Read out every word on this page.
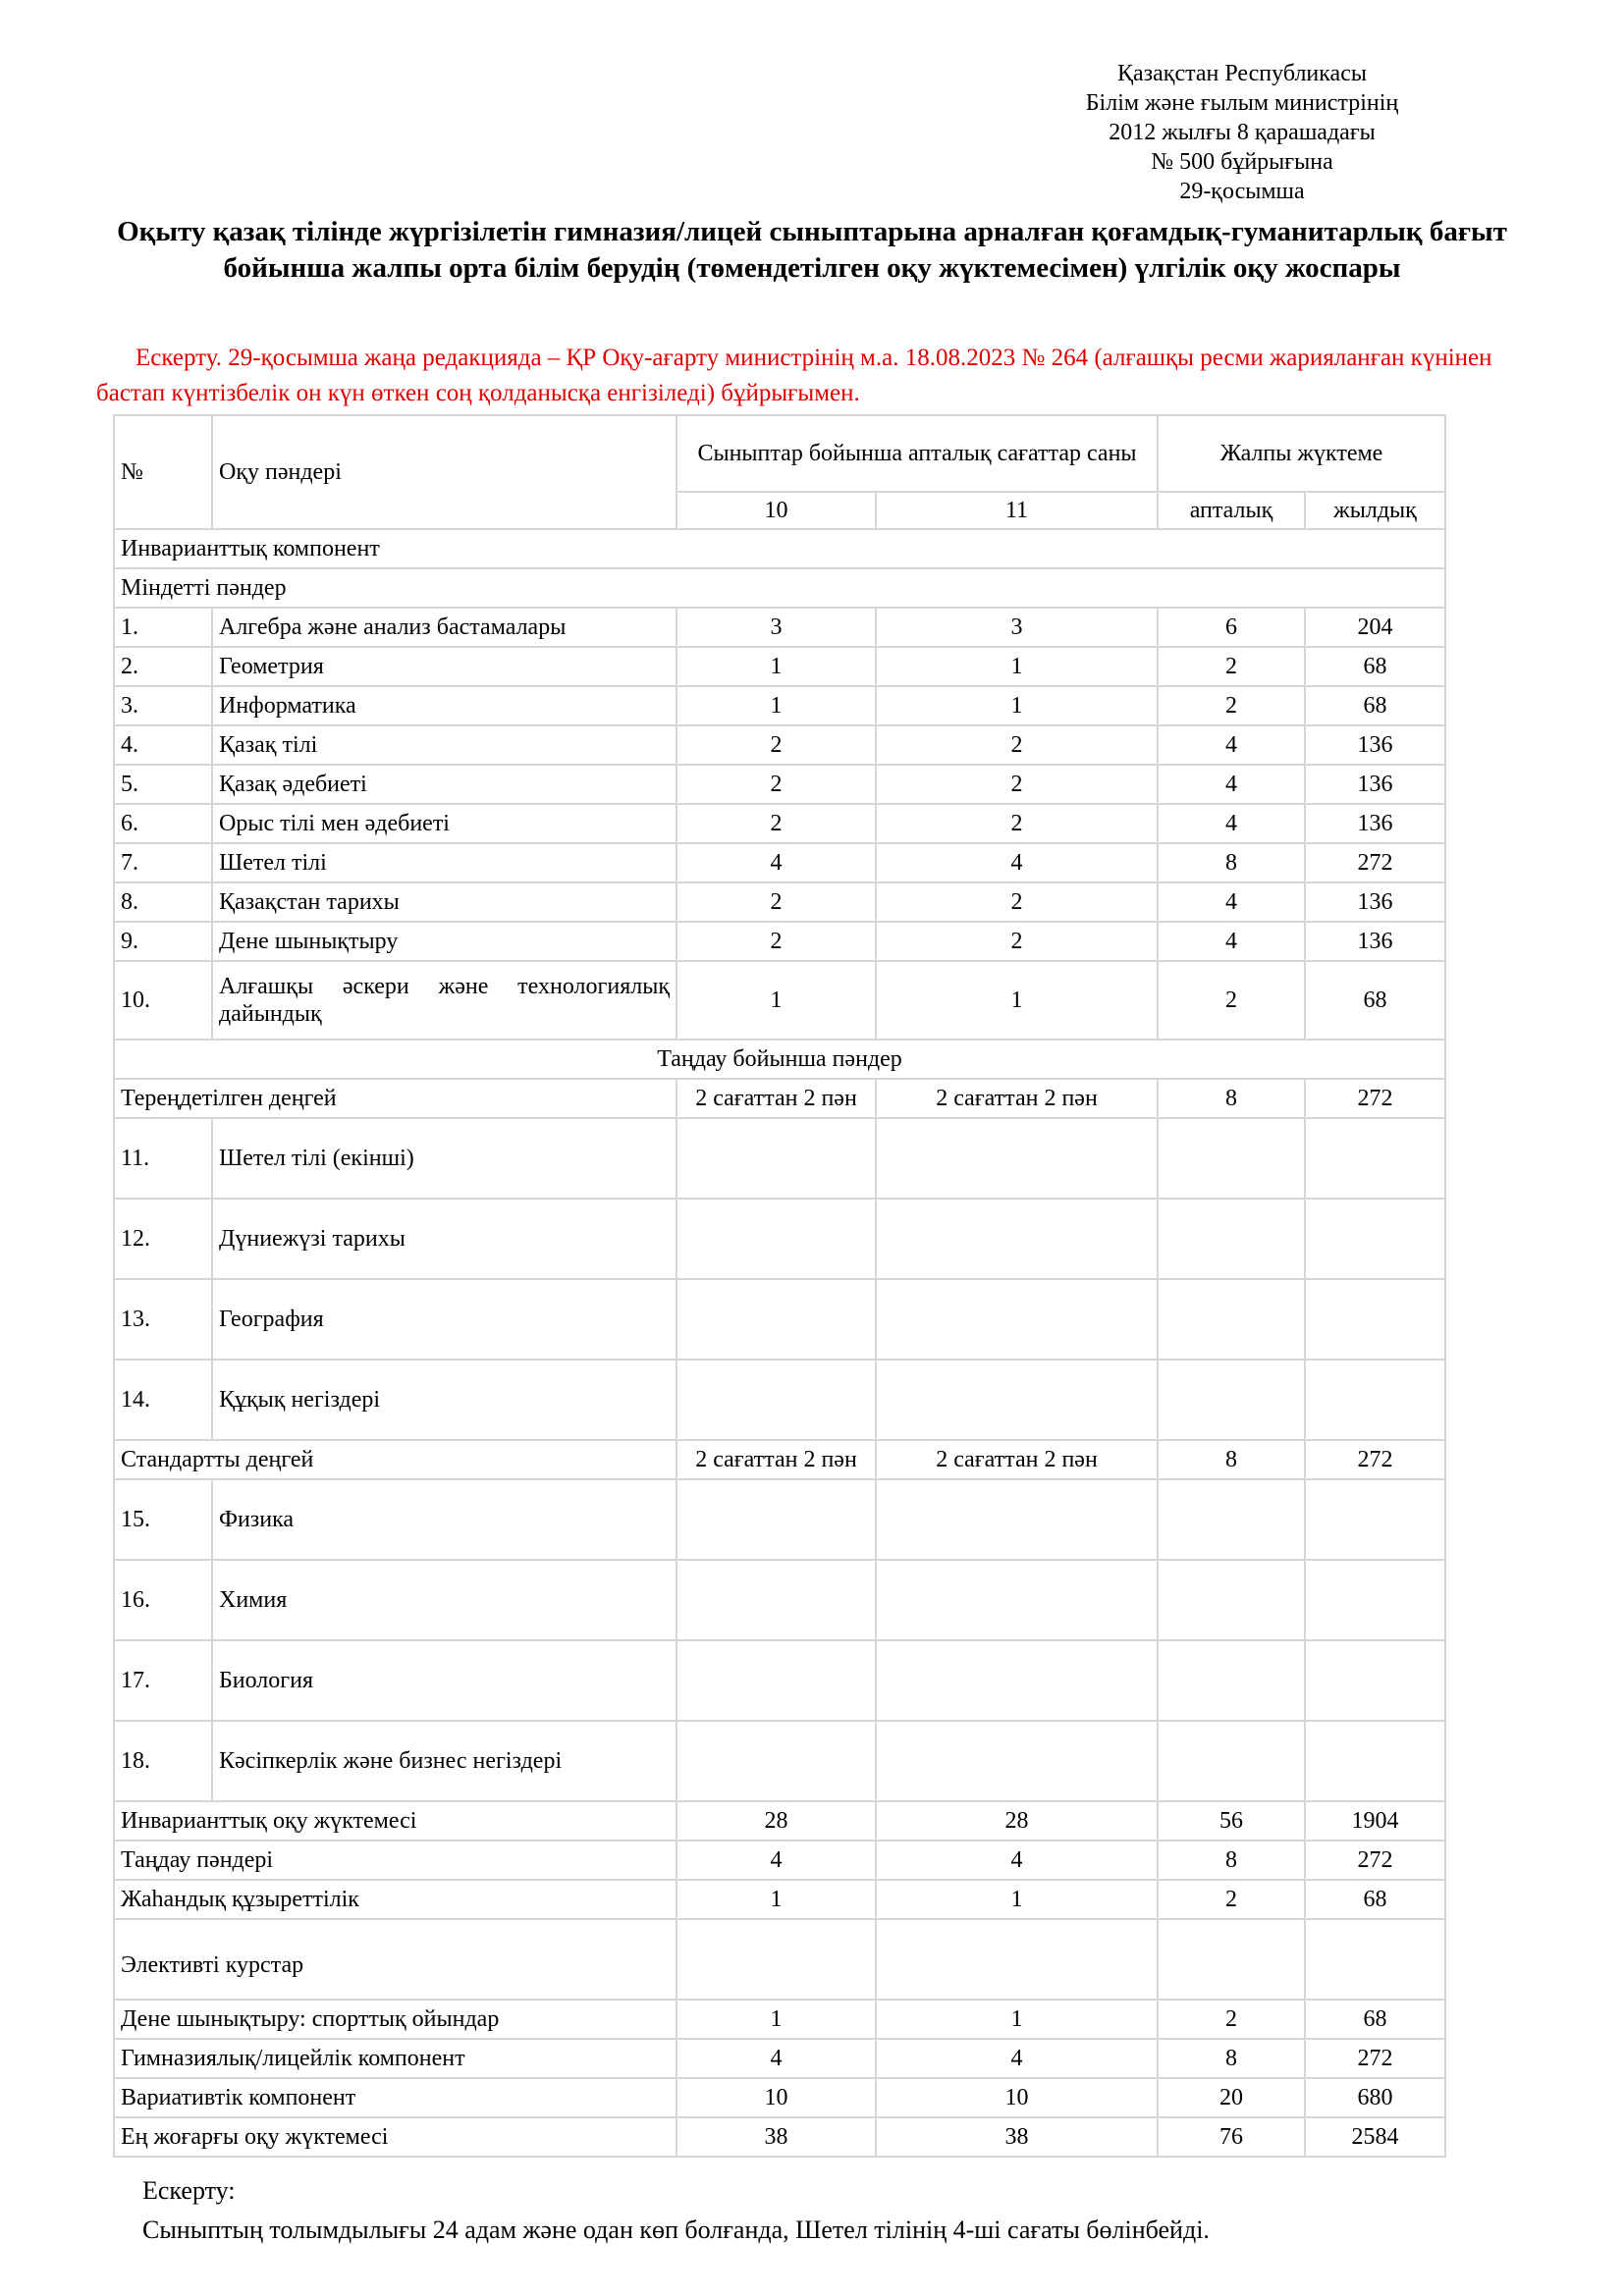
Қазақстан Республикасы
Білім және ғылым министрінің
2012 жылғы 8 қарашадағы
№ 500 бұйрығына
29-қосымша
Оқыту қазақ тілінде жүргізілетін гимназия/лицей сыныптарына арналған қоғамдық-гуманитарлық бағыт бойынша жалпы орта білім берудің (төмендетілген оқу жүктемесімен) үлгілік оқу жоспары
Ескерту. 29-қосымша жаңа редакцияда – ҚР Оқу-ағарту министрінің м.а. 18.08.2023 № 264 (алғашқы ресми жарияланған күнінен бастап күнтізбелік он күн өткен соң қолданысқа енгізіледі) бұйрығымен.
№	Оқу пәндері	Сыныптар бойынша апталық сағаттар саны		Жалпы жүктеме	
		10	11	апталық	жылдық
Инварианттық компонент					
Міндетті пәндер					
1.	Алгебра және анализ бастамалары	3	3	6	204
2.	Геометрия	1	1	2	68
3.	Информатика	1	1	2	68
4.	Қазақ тілі	2	2	4	136
5.	Қазақ әдебиеті	2	2	4	136
6.	Орыс тілі мен әдебиеті	2	2	4	136
7.	Шетел тілі	4	4	8	272
8.	Қазақстан тарихы	2	2	4	136
9.	Дене шынықтыру	2	2	4	136
10.	Алғашқы әскери және технологиялық дайындық	1	1	2	68
Таңдау бойынша пәндер					
Тереңдетілген деңгей		2 сағаттан 2 пән	2 сағаттан 2 пән	8	272
11.	Шетел тілі (екінші)				
12.	Дүниежүзі тарихы				
13.	География				
14.	Құқық негіздері				
Стандартты деңгей		2 сағаттан 2 пән	2 сағаттан 2 пән	8	272
15.	Физика				
16.	Химия				
17.	Биология				
18.	Кәсіпкерлік және бизнес негіздері				
Инварианттық оқу жүктемесі		28	28	56	1904
Таңдау пәндері		4	4	8	272
Жаһандық құзыреттілік		1	1	2	68
Элективті курстар					
Дене шынықтыру: спорттық ойындар		1	1	2	68
Гимназиялық/лицейлік компонент		4	4	8	272
Вариативтік компонент		10	10	20	680
Ең жоғарғы оқу жүктемесі		38	38	76	2584
Ескерту:
Сыныптың толымдылығы 24 адам және одан көп болғанда, Шетел тілінің 4-ші сағаты бөлінбейді.
